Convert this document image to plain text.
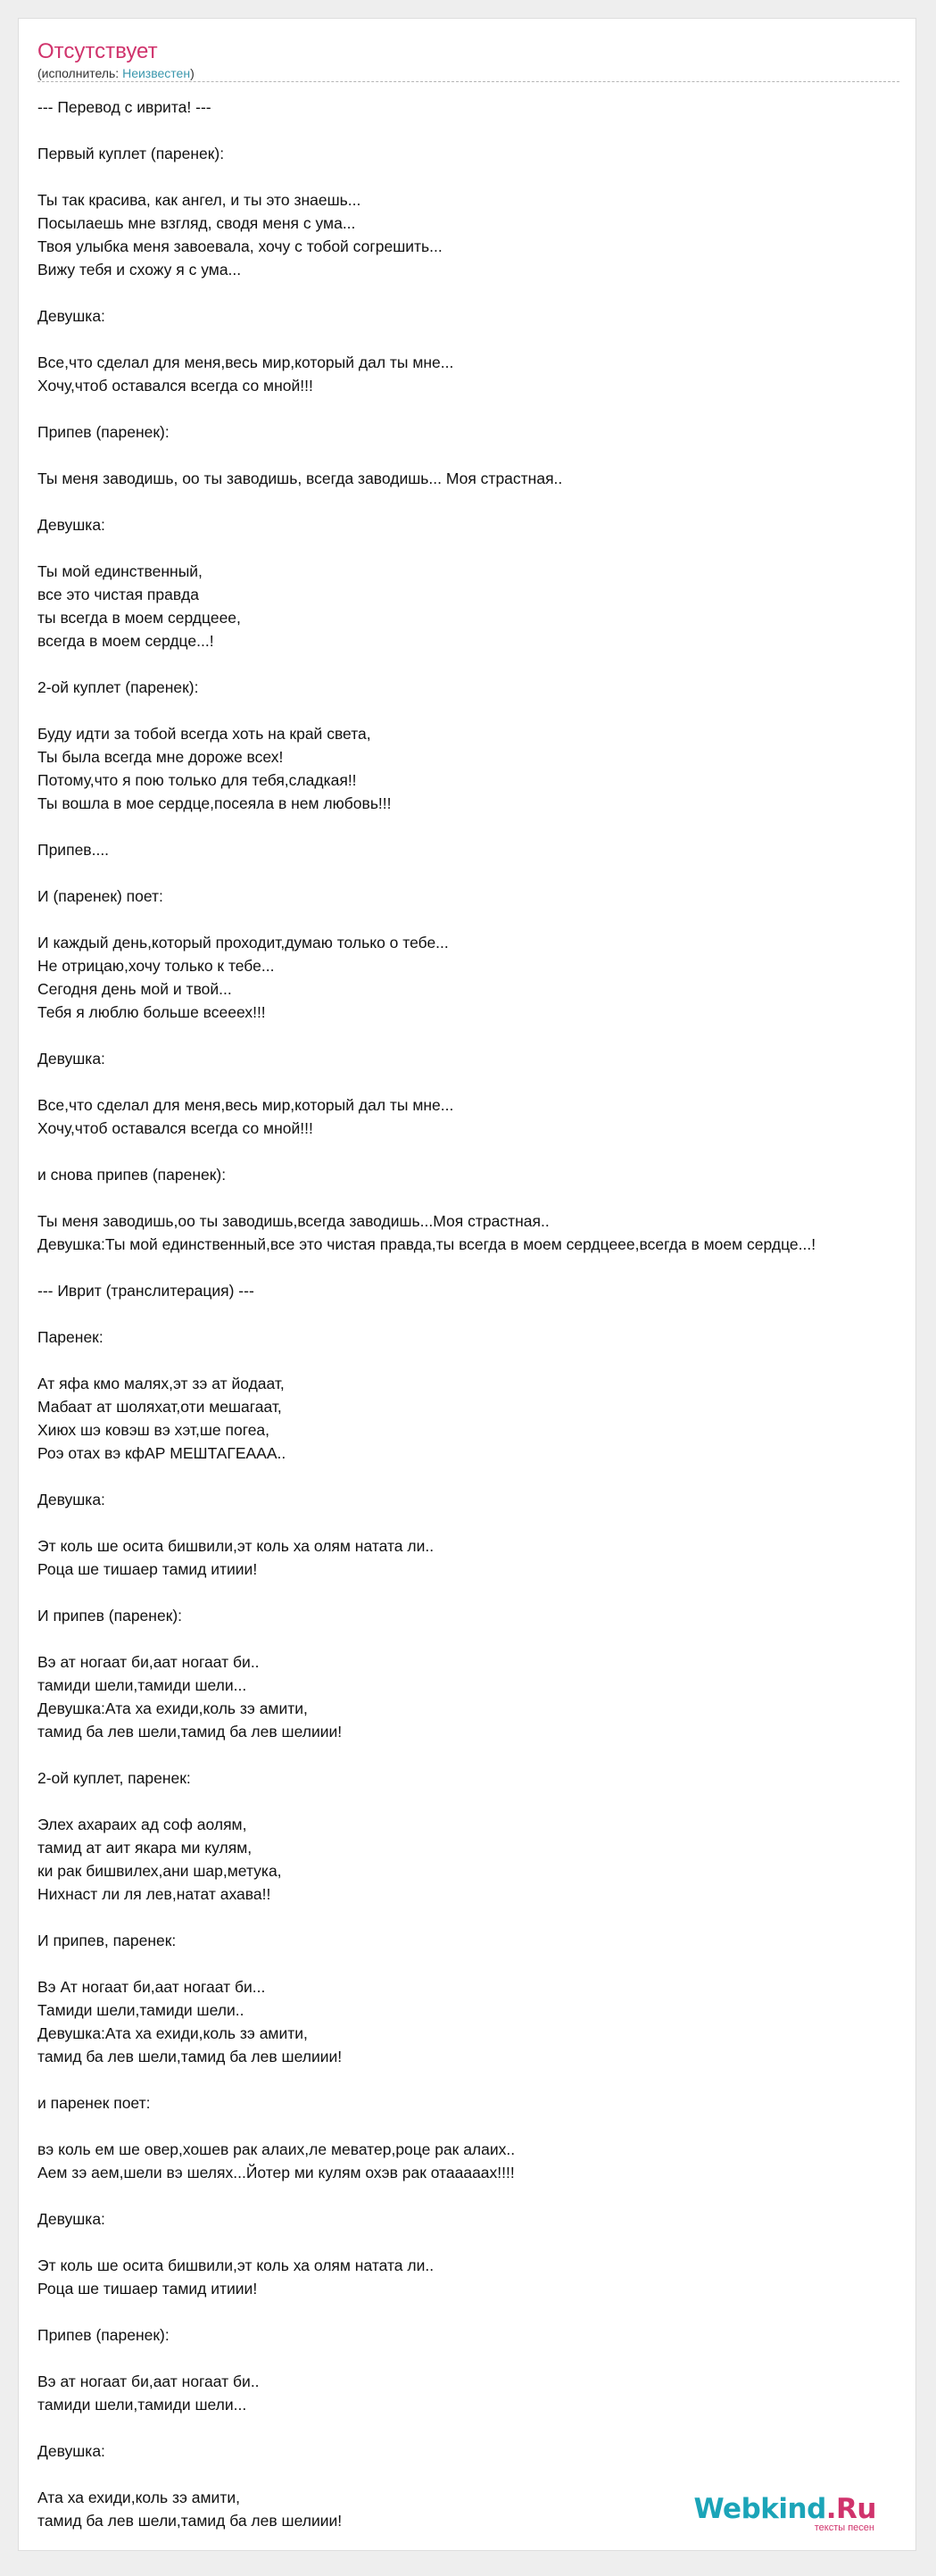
Отсутствует
(исполнитель: Неизвестен)
--- Перевод с иврита! ---

Первый куплет (паренек):

Ты так красива, как ангел, и ты это знаешь...
Посылаешь мне взгляд, сводя меня с ума...
Твоя улыбка меня завоевала, хочу с тобой согрешить...
Вижу тебя и схожу я с ума...

Девушка:

Все,что сделал для меня,весь мир,который дал ты мне...
Хочу,чтоб оставался всегда со мной!!!

Припев (паренек):

Ты меня заводишь, оо ты заводишь, всегда заводишь... Моя страстная..

Девушка:

Ты мой единственный,
все это чистая правда
ты всегда в моем сердцеее,
всегда в моем сердце...!

2-ой куплет (паренек):

Буду идти за тобой всегда хоть на край света,
Ты была всегда мне дороже всех!
Потому,что я пою только для тебя,сладкая!!
Ты вошла в мое сердце,посеяла в нем любовь!!!

Припев....

И (паренек) поет:

И каждый день,который проходит,думаю только о тебе...
Не отрицаю,хочу только к тебе...
Сегодня день мой и твой...
Тебя я люблю больше всееех!!!

Девушка:

Все,что сделал для меня,весь мир,который дал ты мне...
Хочу,чтоб оставался всегда со мной!!!

и снова припев (паренек):

Ты меня заводишь,оо ты заводишь,всегда заводишь...Моя страстная..
Девушка:Ты мой единственный,все это чистая правда,ты всегда в моем сердцеее,всегда в моем сердце...!

--- Иврит (транслитерация) ---

Паренек:

Ат яфа кмо малях,эт зэ ат йодаат,
Мабаат ат шоляхат,оти мешагаат,
Хиюх шэ ковэш вэ хэт,ше погеа,
Роэ отах вэ кфАР МЕШТАГЕААА..

Девушка:

Эт коль ше осита бишвили,эт коль ха олям натата ли..
Роца ше тишаер тамид итиии!

И припев (паренек):

Вэ ат ногаат би,аат ногаат би..
тамиди шели,тамиди шели...
Девушка:Ата ха ехиди,коль зэ амити,
тамид ба лев шели,тамид ба лев шелиии!

2-ой куплет, паренек:

Элех ахараих ад соф аолям,
тамид ат аит якара ми кулям,
ки рак бишвилех,ани шар,метука,
Нихнаст ли ля лев,натат ахава!!

И припев, паренек:

Вэ Ат ногаат би,аат ногаат би...
Тамиди шели,тамиди шели..
Девушка:Ата ха ехиди,коль зэ амити,
тамид ба лев шели,тамид ба лев шелиии!

и паренек поет:

вэ коль ем ше овер,хошев рак алаих,ле меватер,роце рак алаих..
Аем зэ аем,шели вэ шелях...Йотер ми кулям охэв рак отаааааx!!!!

Девушка:

Эт коль ше осита бишвили,эт коль ха олям натата ли..
Роца ше тишаер тамид итиии!

Припев (паренек):

Вэ ат ногаат би,аат ногаат би..
тамиди шели,тамиди шели...

Девушка:

Ата ха ехиди,коль зэ амити,
тамид ба лев шели,тамид ба лев шелиии!	Webkind.Ru
тексты песен
